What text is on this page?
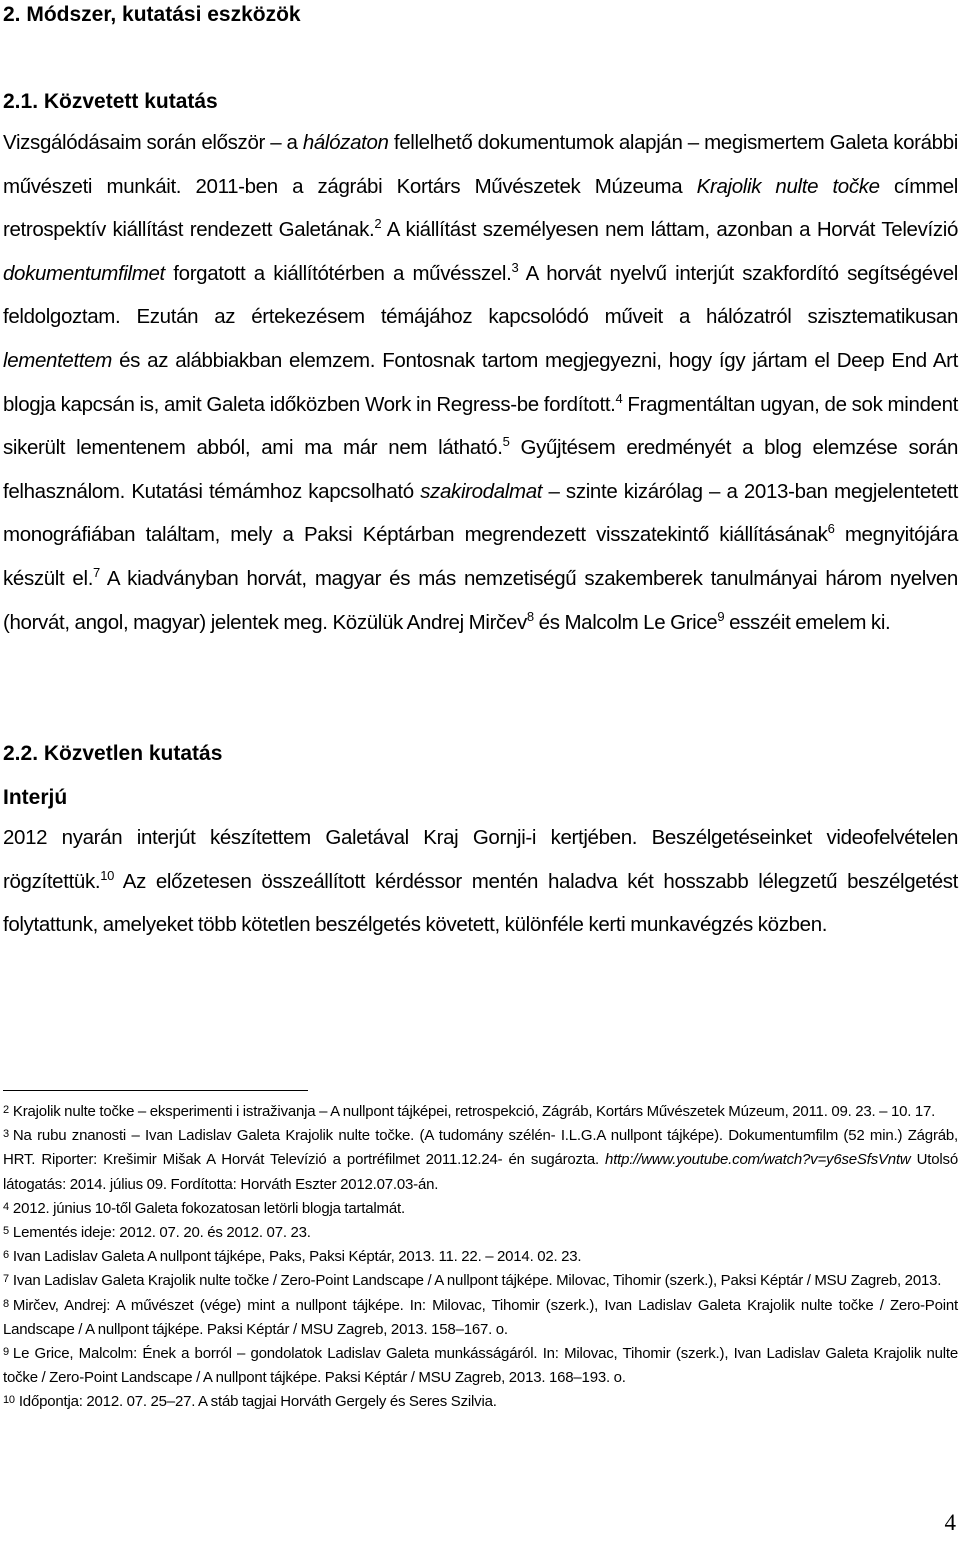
2. Módszer, kutatási eszközök
2.1. Közvetett kutatás

Vizsgálódásaim során először – a hálózaton fellelhető dokumentumok alapján – megismertem Galeta korábbi művészeti munkáit. 2011-ben a zágrábi Kortárs Művészetek Múzeuma Krajolik nulte točke címmel retrospektív kiállítást rendezett Galetának.$^2$ A kiállítást személyesen nem láttam, azonban a Horvát Televízió dokumentumfilmet forgatott a kiállítótérben a művésszel.$^3$ A horvát nyelvű interjút szakfordító segítségével feldolgoztam. Ezután az értekezésem témájához kapcsolódó műveit a hálózatról szisztematikusan lementettem és az alábbiakban elemzem. Fontosnak tartom megjegyezni, hogy így jártam el Deep End Art blogja kapcsán is, amit Galeta időközben Work in Regress-be fordított.$^4$ Fragmentáltan ugyan, de sok mindent sikerült lementenem abból, ami ma már nem látható.$^5$ Gyűjtésem eredményét a blog elemzése során felhasználom. Kutatási témámhoz kapcsolható szakirodalmat – szinte kizárólag – a 2013-ban megjelentetett monográfiában találtam, mely a Paksi Képtárban megrendezett visszatekintő kiállításának$^6$ megnyitójára készült el.$^7$ A kiadványban horvát, magyar és más nemzetiségű szakemberek tanulmányai három nyelven (horvát, angol, magyar) jelentek meg. Közülük Andrej Mirčev$^8$ és Malcolm Le Grice$^9$ esszéit emelem ki.

2.2. Közvetlen kutatás
Interjú

2012 nyarán interjút készítettem Galetával Kraj Gornji-i kertjében. Beszélgetéseinket videofelvételen rögzítettük.$^{10}$ Az előzetesen összeállított kérdéssor mentén haladva két hosszabb lélegzetű beszélgetést folytattunk, amelyeket több kötetlen beszélgetés követett, különféle kerti munkavégzés közben.

$^2$ Krajolik nulte točke – eksperimenti i istraživanja – A nullpont tájképei, retrospekció, Zágráb, Kortárs Művészetek Múzeum, 2011. 09. 23. – 10. 17.

$^3$ Na rubu znanosti – Ivan Ladislav Galeta Krajolik nulte točke. (A tudomány szélén- I.L.G.A nullpont tájképe). Dokumentumfilm (52 min.) Zágráb, HRT. Riporter: Krešimir Mišak A Horvát Televízió a portréfilmet 2011.12.24- én sugározta. http://www.youtube.com/watch?v=y6seSfsVntw Utolsó látogatás: 2014. július 09. Fordította: Horváth Eszter 2012.07.03-án.

$^4$ 2012. június 10-től Galeta fokozatosan letörli blogja tartalmát.

$^5$ Lementés ideje: 2012. 07. 20. és 2012. 07. 23.

$^6$ Ivan Ladislav Galeta A nullpont tájképe, Paks, Paksi Képtár, 2013. 11. 22. – 2014. 02. 23.

$^7$ Ivan Ladislav Galeta Krajolik nulte točke / Zero-Point Landscape / A nullpont tájképe. Milovac, Tihomir (szerk.), Paksi Képtár / MSU Zagreb, 2013.

$^8$ Mirčev, Andrej: A művészet (vége) mint a nullpont tájképe. In: Milovac, Tihomir (szerk.), Ivan Ladislav Galeta Krajolik nulte točke / Zero-Point Landscape / A nullpont tájképe. Paksi Képtár / MSU Zagreb, 2013. 158–167. o.

$^9$ Le Grice, Malcolm: Ének a borról – gondolatok Ladislav Galeta munkásságáról. In: Milovac, Tihomir (szerk.), Ivan Ladislav Galeta Krajolik nulte točke / Zero-Point Landscape / A nullpont tájképe. Paksi Képtár / MSU Zagreb, 2013. 168–193. o.

$^{10}$ Időpontja: 2012. 07. 25–27. A stáb tagjai Horváth Gergely és Seres Szilvia.

4
